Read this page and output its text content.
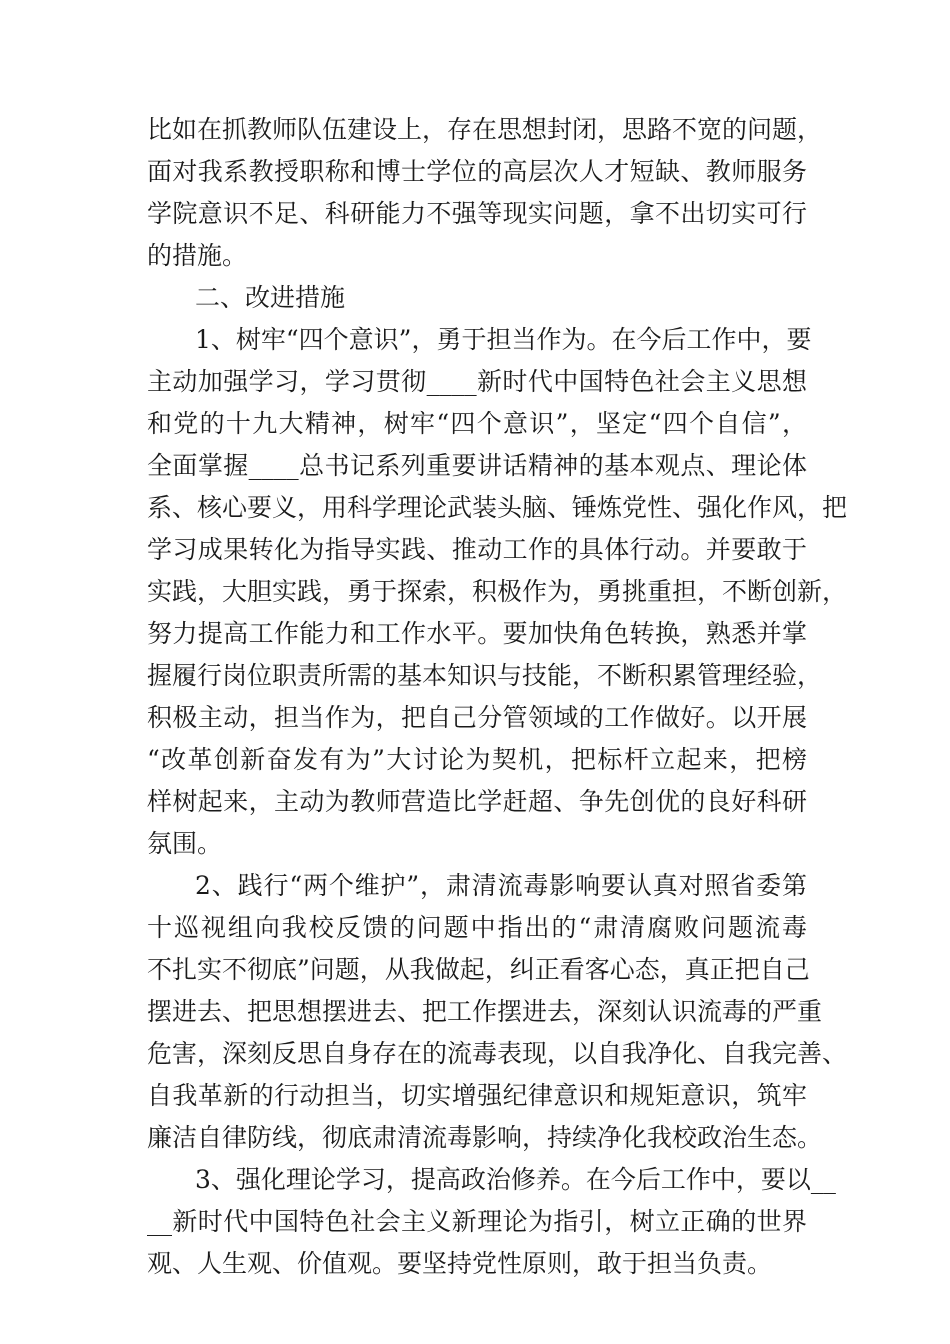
比如在抓教师队伍建设上，存在思想封闭，思路不宽的问题，
面对我系教授职称和博士学位的高层次人才短缺、教师服务
学院意识不足、科研能力不强等现实问题，拿不出切实可行
的措施。
二、改进措施
1、树牢“四个意识”，勇于担当作为。在今后工作中，要
主动加强学习，学习贯彻____新时代中国特色社会主义思想
和党的十九大精神，树牢“四个意识”，坚定“四个自信”，
全面掌握____总书记系列重要讲话精神的基本观点、理论体
系、核心要义，用科学理论武装头脑、锤炼党性、强化作风，把
学习成果转化为指导实践、推动工作的具体行动。并要敢于
实践，大胆实践，勇于探索，积极作为，勇挑重担，不断创新，
努力提高工作能力和工作水平。要加快角色转换，熟悉并掌
握履行岗位职责所需的基本知识与技能，不断积累管理经验，
积极主动，担当作为，把自己分管领域的工作做好。以开展
“改革创新奋发有为”大讨论为契机，把标杆立起来，把榜
样树起来，主动为教师营造比学赶超、争先创优的良好科研
氛围。
2、践行“两个维护”，肃清流毒影响要认真对照省委第
十巡视组向我校反馈的问题中指出的“肃清腐败问题流毒
不扎实不彻底”问题，从我做起，纠正看客心态，真正把自己
摆进去、把思想摆进去、把工作摆进去，深刻认识流毒的严重
危害，深刻反思自身存在的流毒表现，以自我净化、自我完善、
自我革新的行动担当，切实增强纪律意识和规矩意识，筑牢
廉洁自律防线，彻底肃清流毒影响，持续净化我校政治生态。
3、强化理论学习，提高政治修养。在今后工作中，要以__
__新时代中国特色社会主义新理论为指引，树立正确的世界
观、人生观、价值观。要坚持党性原则，敢于担当负责。
